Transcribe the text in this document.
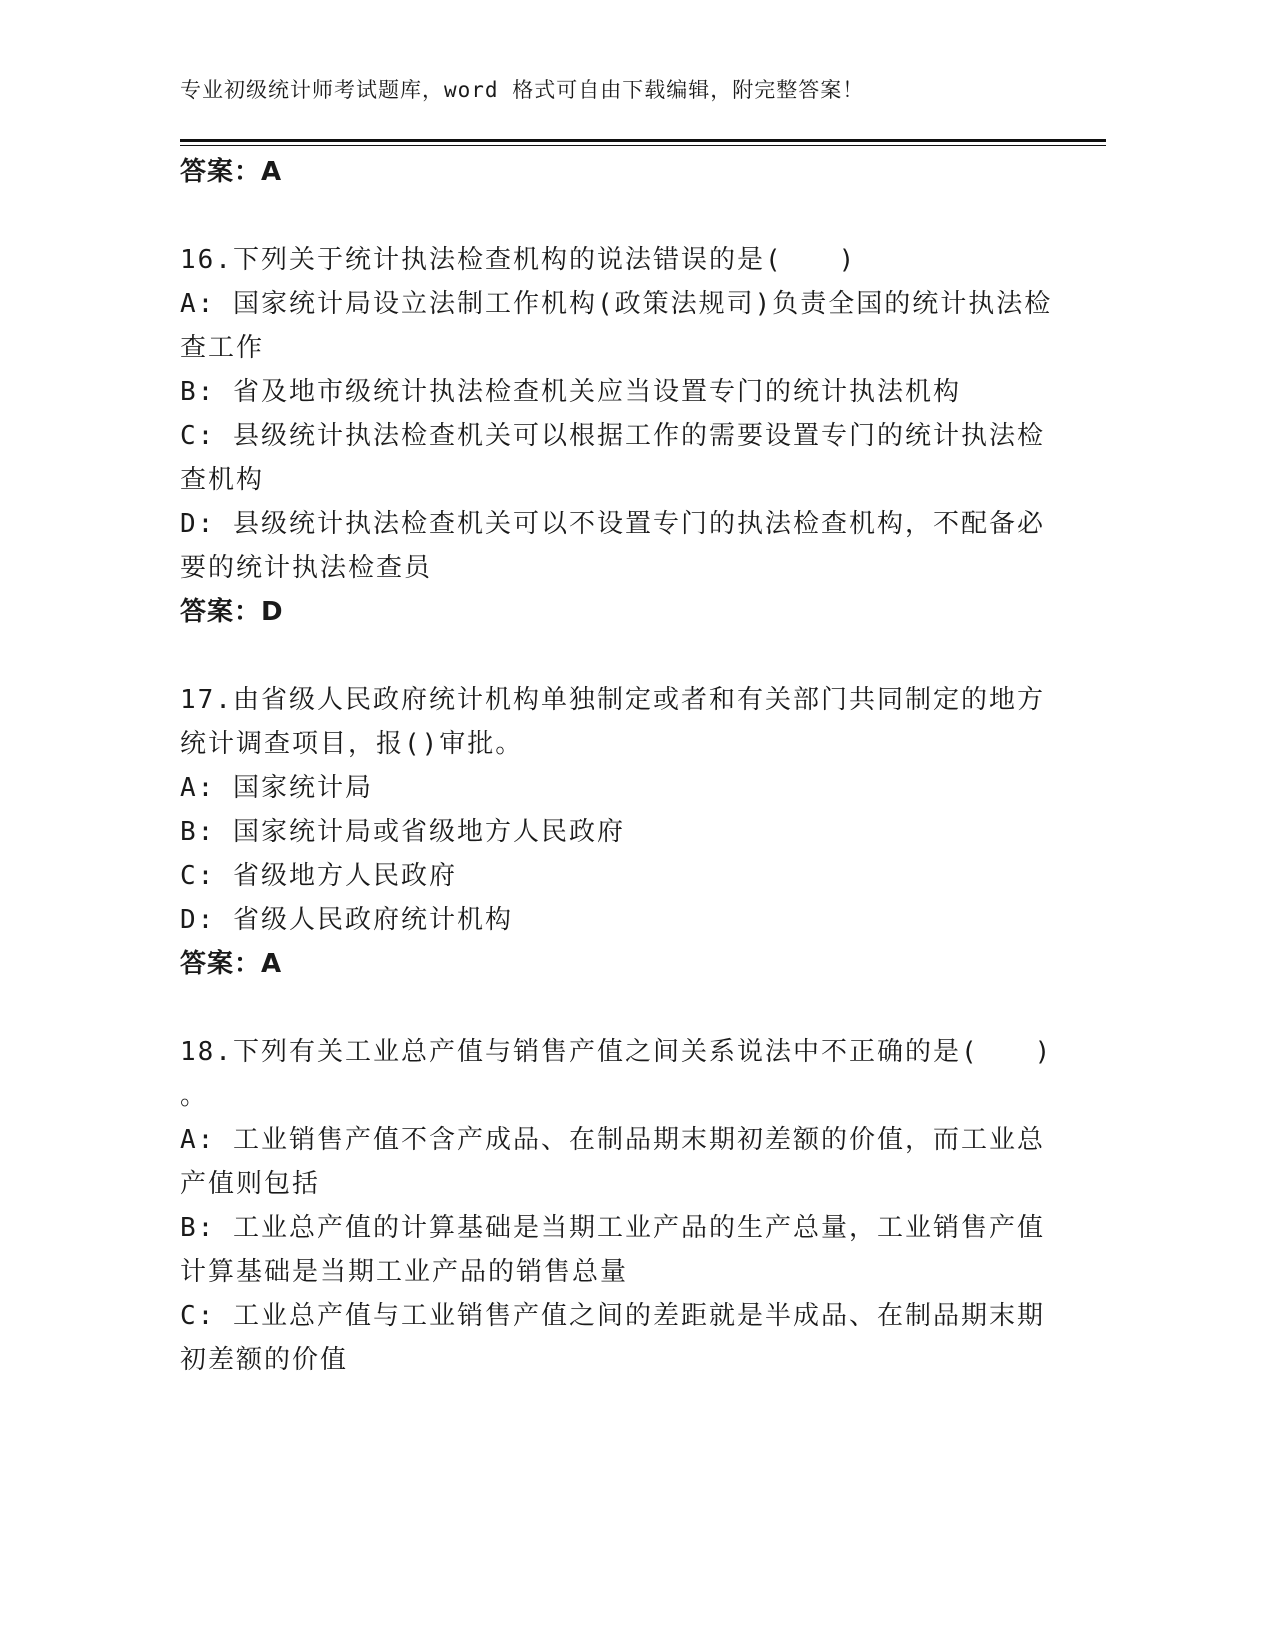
专业初级统计师考试题库，word 格式可自由下载编辑，附完整答案！
答案：A
16.下列关于统计执法检查机构的说法错误的是(　　)
A: 国家统计局设立法制工作机构(政策法规司)负责全国的统计执法检
查工作
B: 省及地市级统计执法检查机关应当设置专门的统计执法机构
C: 县级统计执法检查机关可以根据工作的需要设置专门的统计执法检
查机构
D: 县级统计执法检查机关可以不设置专门的执法检查机构，不配备必
要的统计执法检查员
答案：D
17.由省级人民政府统计机构单独制定或者和有关部门共同制定的地方
统计调查项目，报()审批。
A: 国家统计局
B: 国家统计局或省级地方人民政府
C: 省级地方人民政府
D: 省级人民政府统计机构
答案：A
18.下列有关工业总产值与销售产值之间关系说法中不正确的是(　　)
。
A: 工业销售产值不含产成品、在制品期末期初差额的价值，而工业总
产值则包括
B: 工业总产值的计算基础是当期工业产品的生产总量，工业销售产值
计算基础是当期工业产品的销售总量
C: 工业总产值与工业销售产值之间的差距就是半成品、在制品期末期
初差额的价值
